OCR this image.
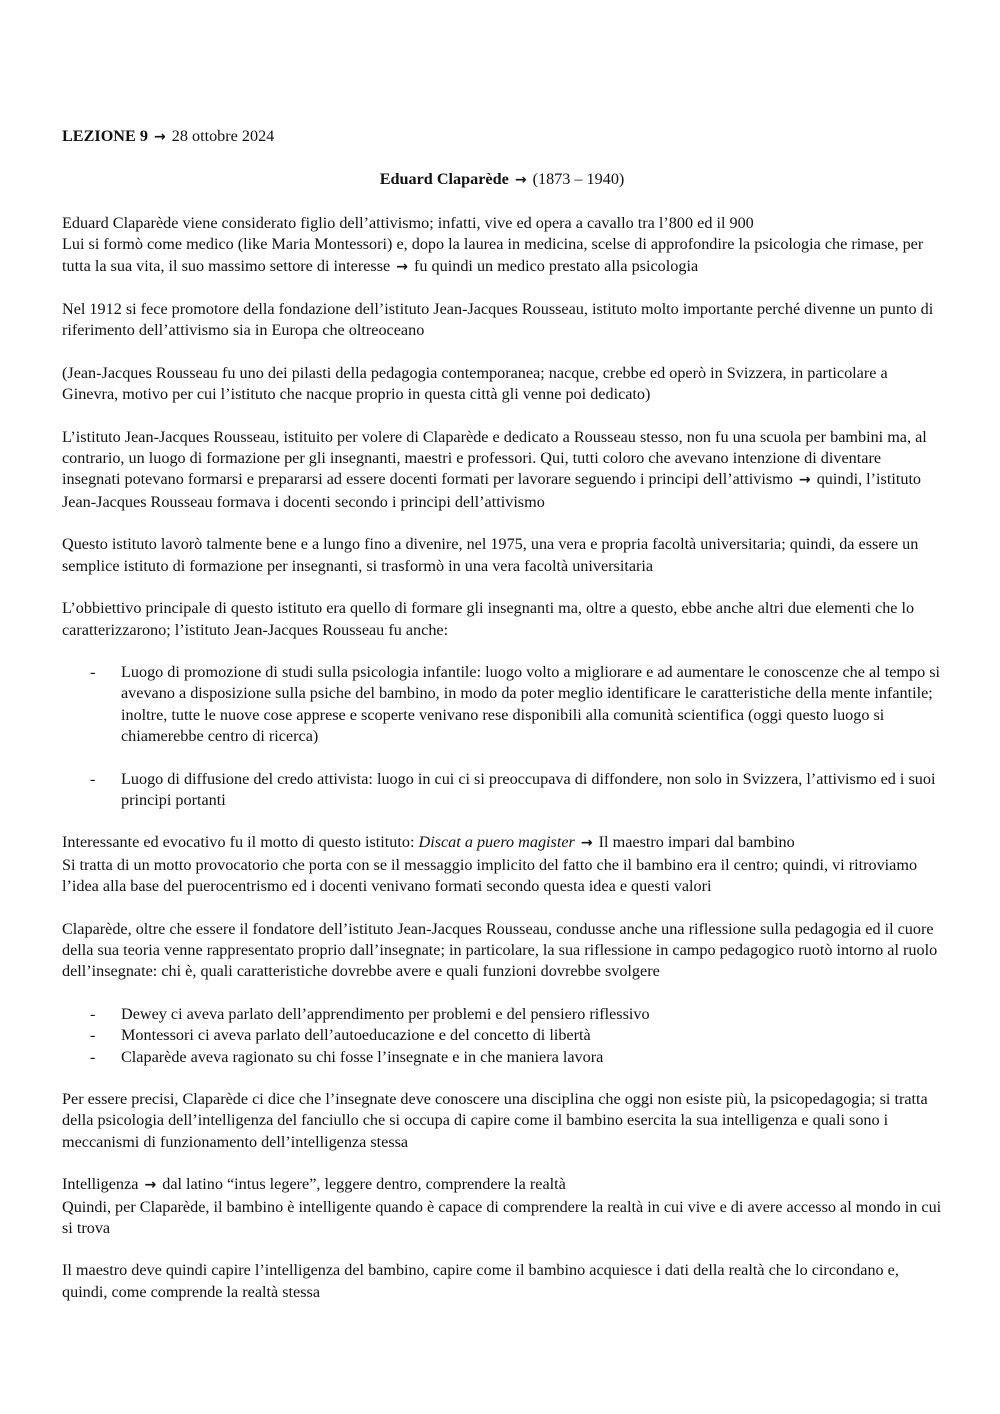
LEZIONE 9 → 28 ottobre 2024

Eduard Claparède → (1873 – 1940)

Eduard Claparède viene considerato figlio dell’attivismo; infatti, vive ed opera a cavallo tra l’800 ed il 900

Lui si formò come medico (like Maria Montessori) e, dopo la laurea in medicina, scelse di approfondire la psicologia che rimase, per tutta la sua vita, il suo massimo settore di interesse → fu quindi un medico prestato alla psicologia

Nel 1912 si fece promotore della fondazione dell’istituto Jean-Jacques Rousseau, istituto molto importante perché divenne un punto di riferimento dell’attivismo sia in Europa che oltreoceano

(Jean-Jacques Rousseau fu uno dei pilasti della pedagogia contemporanea; nacque, crebbe ed operò in Svizzera, in particolare a Ginevra, motivo per cui l’istituto che nacque proprio in questa città gli venne poi dedicato)

L’istituto Jean-Jacques Rousseau, istituito per volere di Claparède e dedicato a Rousseau stesso, non fu una scuola per bambini ma, al contrario, un luogo di formazione per gli insegnanti, maestri e professori. Qui, tutti coloro che avevano intenzione di diventare insegnati potevano formarsi e prepararsi ad essere docenti formati per lavorare seguendo i principi dell’attivismo → quindi, l’istituto Jean-Jacques Rousseau formava i docenti secondo i principi dell’attivismo

Questo istituto lavorò talmente bene e a lungo fino a divenire, nel 1975, una vera e propria facoltà universitaria; quindi, da essere un semplice istituto di formazione per insegnanti, si trasformò in una vera facoltà universitaria

L’obbiettivo principale di questo istituto era quello di formare gli insegnanti ma, oltre a questo, ebbe anche altri due elementi che lo caratterizzarono; l’istituto Jean-Jacques Rousseau fu anche:

- Luogo di promozione di studi sulla psicologia infantile: luogo volto a migliorare e ad aumentare le conoscenze che al tempo si avevano a disposizione sulla psiche del bambino, in modo da poter meglio identificare le caratteristiche della mente infantile; inoltre, tutte le nuove cose apprese e scoperte venivano rese disponibili alla comunità scientifica (oggi questo luogo si chiamerebbe centro di ricerca)
- Luogo di diffusione del credo attivista: luogo in cui ci si preoccupava di diffondere, non solo in Svizzera, l’attivismo ed i suoi principi portanti

Interessante ed evocativo fu il motto di questo istituto: Discat a puero magister → Il maestro impari dal bambino

Si tratta di un motto provocatorio che porta con se il messaggio implicito del fatto che il bambino era il centro; quindi, vi ritroviamo l’idea alla base del puerocentrismo ed i docenti venivano formati secondo questa idea e questi valori

Claparède, oltre che essere il fondatore dell’istituto Jean-Jacques Rousseau, condusse anche una riflessione sulla pedagogia ed il cuore della sua teoria venne rappresentato proprio dall’insegnate; in particolare, la sua riflessione in campo pedagogico ruotò intorno al ruolo dell’insegnate: chi è, quali caratteristiche dovrebbe avere e quali funzioni dovrebbe svolgere

- Dewey ci aveva parlato dell’apprendimento per problemi e del pensiero riflessivo
- Montessori ci aveva parlato dell’autoeducazione e del concetto di libertà
- Claparède aveva ragionato su chi fosse l’insegnate e in che maniera lavora

Per essere precisi, Claparède ci dice che l’insegnate deve conoscere una disciplina che oggi non esiste più, la psicopedagogia; si tratta della psicologia dell’intelligenza del fanciullo che si occupa di capire come il bambino esercita la sua intelligenza e quali sono i meccanismi di funzionamento dell’intelligenza stessa

Intelligenza → dal latino “intus legere”, leggere dentro, comprendere la realtà

Quindi, per Claparède, il bambino è intelligente quando è capace di comprendere la realtà in cui vive e di avere accesso al mondo in cui si trova

Il maestro deve quindi capire l’intelligenza del bambino, capire come il bambino acquiesce i dati della realtà che lo circondano e, quindi, come comprende la realtà stessa
